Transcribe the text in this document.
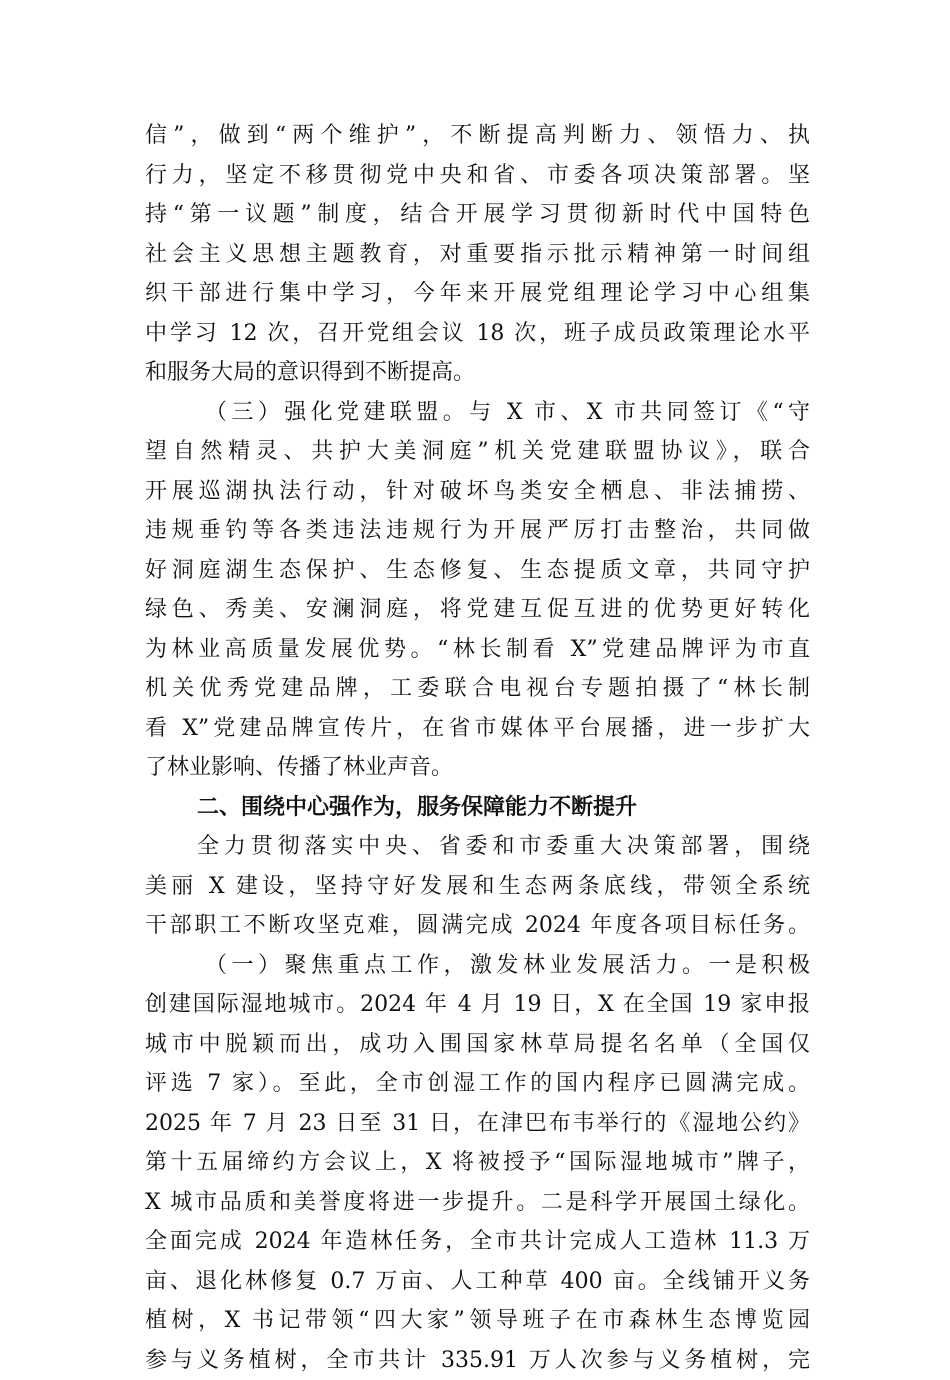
信”，做到“两个维护”，不断提高判断力、领悟力、执
行力，坚定不移贯彻党中央和省、市委各项决策部署。坚
持“第一议题”制度，结合开展学习贯彻新时代中国特色
社会主义思想主题教育，对重要指示批示精神第一时间组
织干部进行集中学习，今年来开展党组理论学习中心组集
中学习 12 次，召开党组会议 18 次，班子成员政策理论水平
和服务大局的意识得到不断提高。
（三）强化党建联盟。与 X 市、X 市共同签订《“守
望自然精灵、共护大美洞庭”机关党建联盟协议》，联合
开展巡湖执法行动，针对破坏鸟类安全栖息、非法捕捞、
违规垂钓等各类违法违规行为开展严厉打击整治，共同做
好洞庭湖生态保护、生态修复、生态提质文章，共同守护
绿色、秀美、安澜洞庭，将党建互促互进的优势更好转化
为林业高质量发展优势。“林长制看 X”党建品牌评为市直
机关优秀党建品牌，工委联合电视台专题拍摄了“林长制
看 X”党建品牌宣传片，在省市媒体平台展播，进一步扩大
了林业影响、传播了林业声音。
二、围绕中心强作为，服务保障能力不断提升
全力贯彻落实中央、省委和市委重大决策部署，围绕
美丽 X 建设，坚持守好发展和生态两条底线，带领全系统
干部职工不断攻坚克难，圆满完成 2024 年度各项目标任务。
（一）聚焦重点工作，激发林业发展活力。一是积极
创建国际湿地城市。2024 年 4 月 19 日，X 在全国 19 家申报
城市中脱颖而出，成功入围国家林草局提名名单（全国仅
评选 7 家）。至此，全市创湿工作的国内程序已圆满完成。
2025 年 7 月 23 日至 31 日，在津巴布韦举行的《湿地公约》
第十五届缔约方会议上，X 将被授予“国际湿地城市”牌子，
X 城市品质和美誉度将进一步提升。二是科学开展国土绿化。
全面完成 2024 年造林任务，全市共计完成人工造林 11.3 万
亩、退化林修复 0.7 万亩、人工种草 400 亩。全线铺开义务
植树，X 书记带领“四大家”领导班子在市森林生态博览园
参与义务植树，全市共计 335.91 万人次参与义务植树，完
